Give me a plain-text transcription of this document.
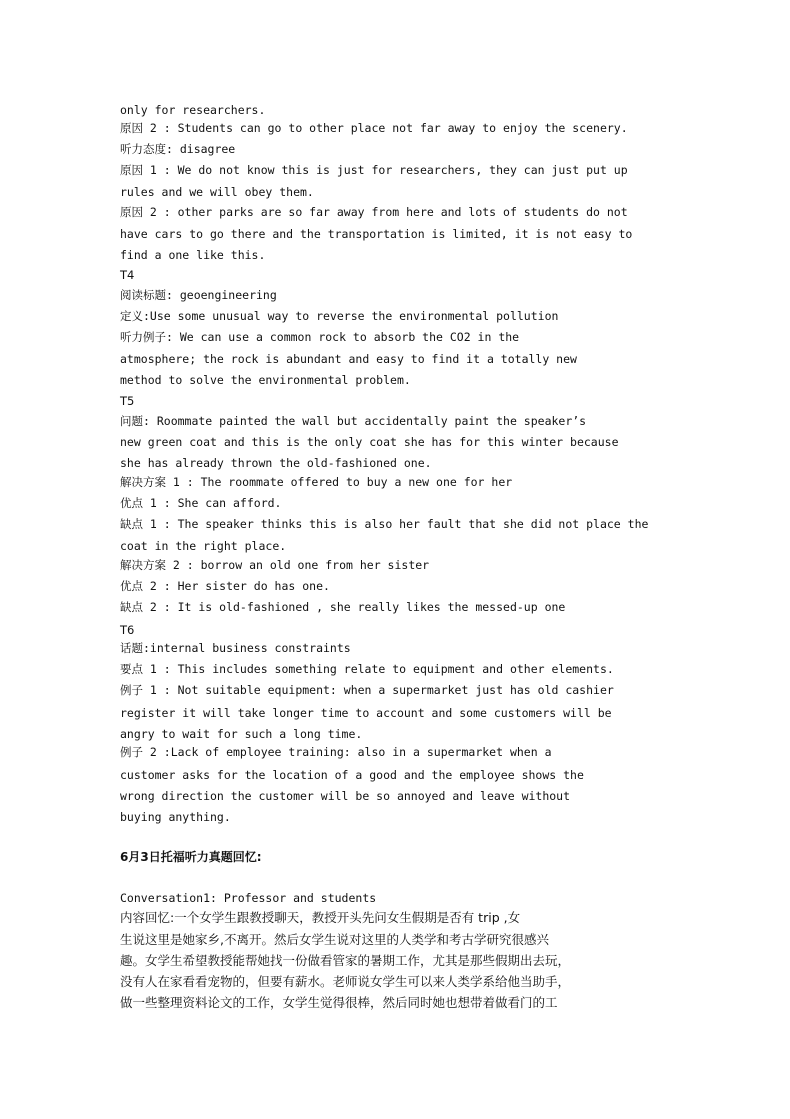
only for researchers.
原因 2 : Students can go to other place not far away to enjoy the scenery.
听力态度: disagree
原因 1 : We do not know this is just for researchers, they can just put up
rules and we will obey them.
原因 2 : other parks are so far away from here and lots of students do not
have cars to go there and the transportation is limited, it is not easy to
find a one like this.
T4
阅读标题: geoengineering
定义:Use some unusual way to reverse the environmental pollution
听力例子: We can use a common rock to absorb the CO2 in the
atmosphere; the rock is abundant and easy to find it a totally new
method to solve the environmental problem.
T5
问题: Roommate painted the wall but accidentally paint the speaker’s
new green coat and this is the only coat she has for this winter because
she has already thrown the old-fashioned one.
解决方案 1 : The roommate offered to buy a new one for her
优点 1 : She can afford.
缺点 1 : The speaker thinks this is also her fault that she did not place the
coat in the right place.
解决方案 2 : borrow an old one from her sister
优点 2 : Her sister do has one.
缺点 2 : It is old-fashioned , she really likes the messed-up one
T6
话题:internal business constraints
要点 1 : This includes something relate to equipment and other elements.
例子 1 : Not suitable equipment: when a supermarket just has old cashier
register it will take longer time to account and some customers will be
angry to wait for such a long time.
例子 2 :Lack of employee training: also in a supermarket when a
customer asks for the location of a good and the employee shows the
wrong direction the customer will be so annoyed and leave without
buying anything.
6月3日托福听力真题回忆:
Conversation1: Professor and students
内容回忆:一个女学生跟教授聊天，教授开头先问女生假期是否有 trip ,女
生说这里是她家乡,不离开。然后女学生说对这里的人类学和考古学研究很感兴
趣。女学生希望教授能帮她找一份做看管家的暑期工作，尤其是那些假期出去玩，
没有人在家看看宠物的，但要有薪水。老师说女学生可以来人类学系给他当助手，
做一些整理资料论文的工作，女学生觉得很棒，然后同时她也想带着做看门的工
